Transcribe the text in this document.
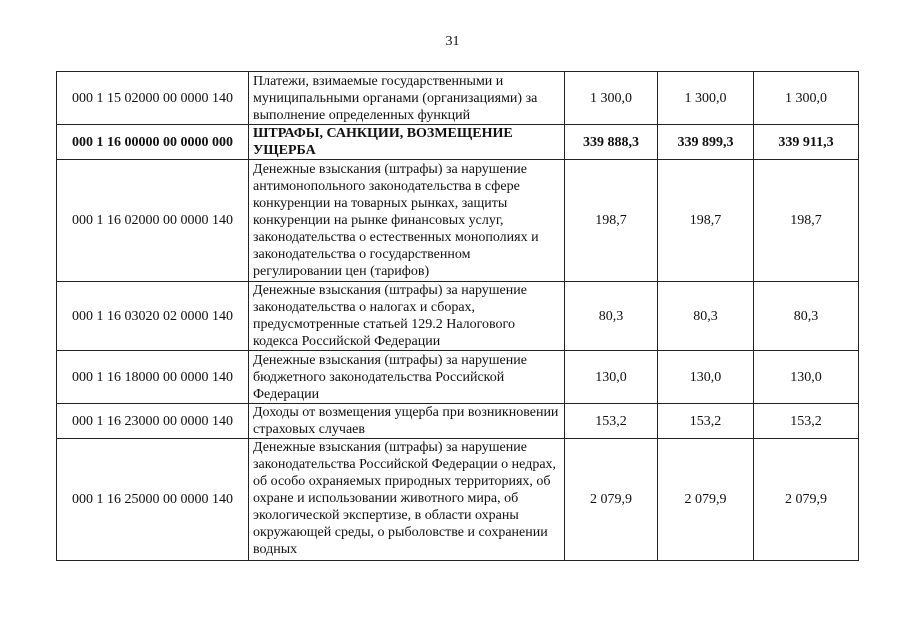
31
000 1 15 02000 00 0000 140	Платежи, взимаемые государственными и муниципальными органами (организациями) за выполнение определенных функций	1 300,0	1 300,0	1 300,0
000 1 16 00000 00 0000 000	ШТРАФЫ, САНКЦИИ, ВОЗМЕЩЕНИЕ УЩЕРБА	339 888,3	339 899,3	339 911,3
000 1 16 02000 00 0000 140	Денежные взыскания (штрафы) за нарушение антимонопольного законодательства в сфере конкуренции на товарных рынках, защиты конкуренции на рынке финансовых услуг, законодательства о естественных монополиях и законодательства о государственном регулировании цен (тарифов)	198,7	198,7	198,7
000 1 16 03020 02 0000 140	Денежные взыскания (штрафы) за нарушение законодательства о налогах и сборах, предусмотренные статьей 129.2 Налогового кодекса Российской Федерации	80,3	80,3	80,3
000 1 16 18000 00 0000 140	Денежные взыскания (штрафы) за нарушение бюджетного законодательства Российской Федерации	130,0	130,0	130,0
000 1 16 23000 00 0000 140	Доходы от возмещения ущерба при возникновении страховых случаев	153,2	153,2	153,2
000 1 16 25000 00 0000 140	Денежные взыскания (штрафы) за нарушение законодательства Российской Федерации о недрах, об особо охраняемых природных территориях, об охране и использовании животного мира, об экологической экспертизе, в области охраны окружающей среды, о рыболовстве и сохранении водных	2 079,9	2 079,9	2 079,9
